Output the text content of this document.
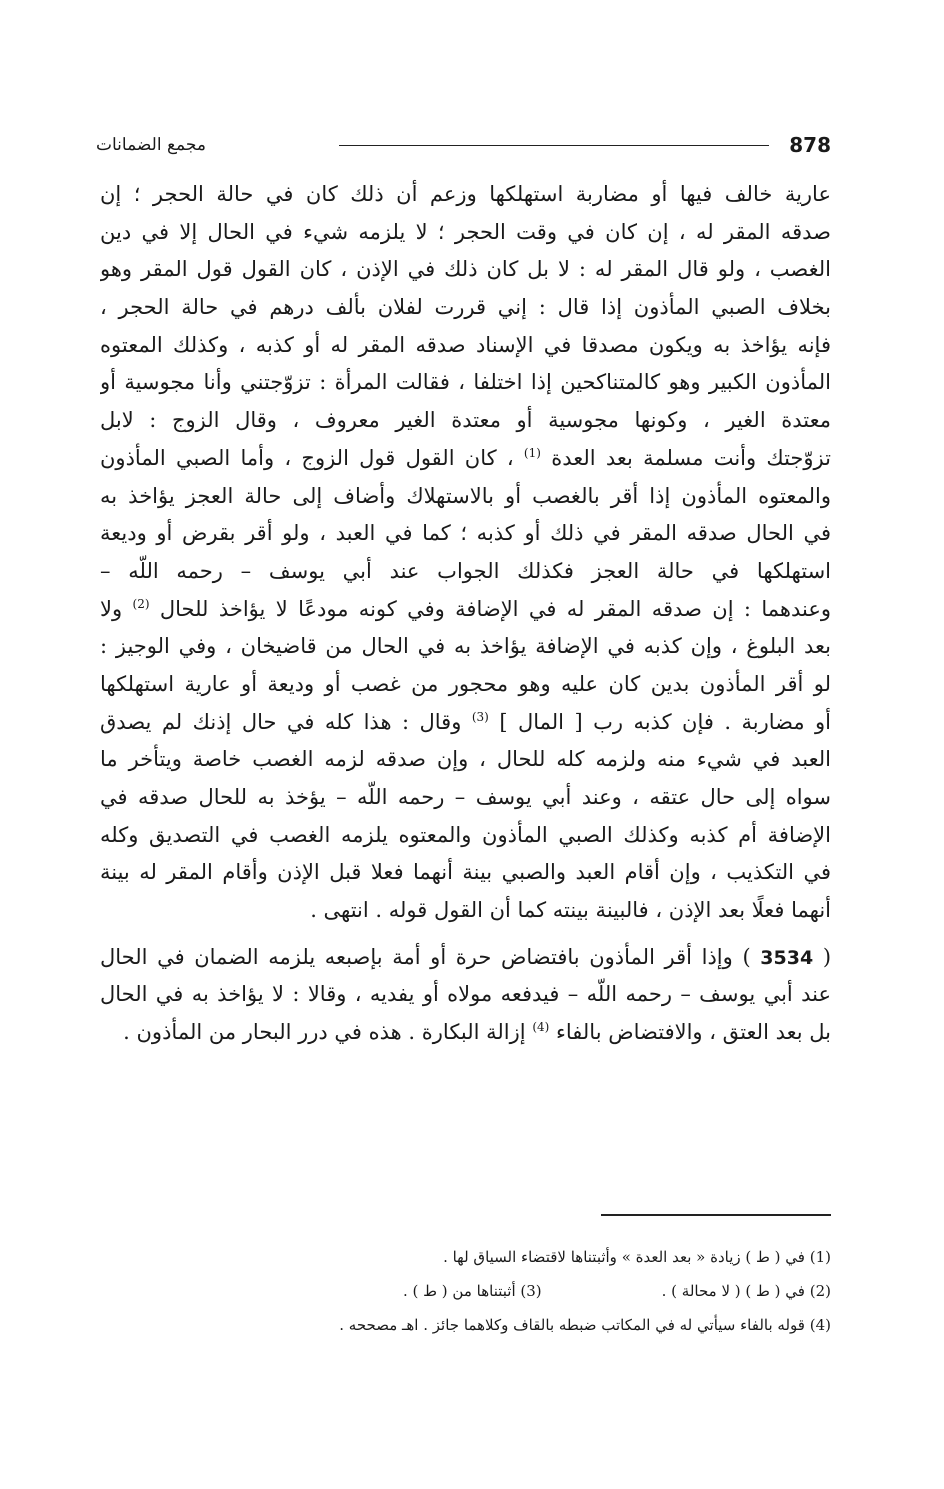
878
مجمع الضمانات
عارية خالف فيها أو مضاربة استهلكها وزعم أن ذلك كان في حالة الحجر ؛ إن
صدقه المقر له ، إن كان في وقت الحجر ؛ لا يلزمه شيء في الحال إلا في دين
الغصب ، ولو قال المقر له : لا بل كان ذلك في الإذن ، كان القول قول المقر وهو
بخلاف الصبي المأذون إذا قال : إني قررت لفلان بألف درهم في حالة الحجر ،
فإنه يؤاخذ به ويكون مصدقا في الإسناد صدقه المقر له أو كذبه ، وكذلك المعتوه
المأذون الكبير وهو كالمتناكحين إذا اختلفا ، فقالت المرأة : تزوّجتني وأنا مجوسية أو
معتدة الغير ، وكونها مجوسية أو معتدة الغير معروف ، وقال الزوج : لابل
تزوّجتك وأنت مسلمة بعد العدة $^{(1)}$ ، كان القول قول الزوج ، وأما الصبي المأذون
والمعتوه المأذون إذا أقر بالغصب أو بالاستهلاك وأضاف إلى حالة العجز يؤاخذ به
في الحال صدقه المقر في ذلك أو كذبه ؛ كما في العبد ، ولو أقر بقرض أو وديعة
استهلكها في حالة العجز فكذلك الجواب عند أبي يوسف – رحمه اللّه –
وعندهما : إن صدقه المقر له في الإضافة وفي كونه مودعًا لا يؤاخذ للحال $^{(2)}$ ولا
بعد البلوغ ، وإن كذبه في الإضافة يؤاخذ به في الحال من قاضيخان ، وفي الوجيز :
لو أقر المأذون بدين كان عليه وهو محجور من غصب أو وديعة أو عارية استهلكها
أو مضاربة . فإن كذبه رب [ المال ] $^{(3)}$ وقال : هذا كله في حال إذنك لم يصدق
العبد في شيء منه ولزمه كله للحال ، وإن صدقه لزمه الغصب خاصة ويتأخر ما
سواه إلى حال عتقه ، وعند أبي يوسف – رحمه اللّه – يؤخذ به للحال صدقه في
الإضافة أم كذبه وكذلك الصبي المأذون والمعتوه يلزمه الغصب في التصديق وكله
في التكذيب ، وإن أقام العبد والصبي بينة أنهما فعلا قبل الإذن وأقام المقر له بينة
أنهما فعلًا بعد الإذن ، فالبينة بينته كما أن القول قوله . انتهى .
( 3534 ) وإذا أقر المأذون بافتضاض حرة أو أمة بإصبعه يلزمه الضمان في الحال
عند أبي يوسف – رحمه اللّه – فيدفعه مولاه أو يفديه ، وقالا : لا يؤاخذ به في الحال
بل بعد العتق ، والافتضاض بالفاء $^{(4)}$ إزالة البكارة . هذه في درر البحار من المأذون .
(1) في ( ط ) زيادة « بعد العدة » وأثبتناها لاقتضاء السياق لها .
(2) في ( ط ) ( لا محالة ) .
(3) أثبتناها من ( ط ) .
(4) قوله بالفاء سيأتي له في المكاتب ضبطه بالقاف وكلاهما جائز . اهـ مصححه .
